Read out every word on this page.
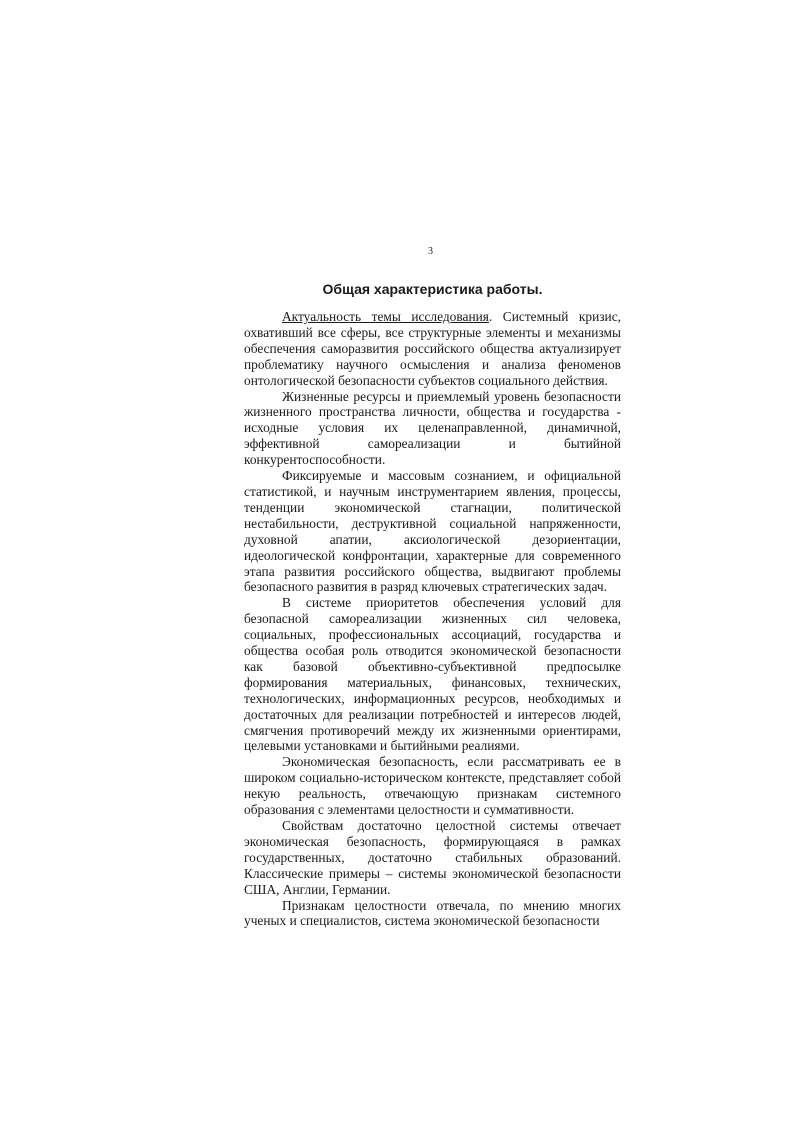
3
Общая характеристика работы.

Актуальность темы исследования. Системный кризис, охвативший все сферы, все структурные элементы и механизмы обеспечения саморазвития российского общества актуализирует проблематику научного осмысления и анализа феноменов онтологической безопасности субъектов социального действия.

Жизненные ресурсы и приемлемый уровень безопасности жизненного пространства личности, общества и государства - исходные условия их целенаправленной, динамичной, эффективной самореализации и бытийной конкурентоспособности.

Фиксируемые и массовым сознанием, и официальной статистикой, и научным инструментарием явления, процессы, тенденции экономической стагнации, политической нестабильности, деструктивной социальной напряженности, духовной апатии, аксиологической дезориентации, идеологической конфронтации, характерные для современного этапа развития российского общества, выдвигают проблемы безопасного развития в разряд ключевых стратегических задач.

В системе приоритетов обеспечения условий для безопасной самореализации жизненных сил человека, социальных, профессиональных ассоциаций, государства и общества особая роль отводится экономической безопасности как базовой объективно-субъективной предпосылке формирования материальных, финансовых, технических, технологических, информационных ресурсов, необходимых и достаточных для реализации потребностей и интересов людей, смягчения противоречий между их жизненными ориентирами, целевыми установками и бытийными реалиями.

Экономическая безопасность, если рассматривать ее в широком социально-историческом контексте, представляет собой некую реальность, отвечающую признакам системного образования с элементами целостности и суммативности.

Свойствам достаточно целостной системы отвечает экономическая безопасность, формирующаяся в рамках государственных, достаточно стабильных образований. Классические примеры – системы экономической безопасности США, Англии, Германии.

Признакам целостности отвечала, по мнению многих ученых и специалистов, система экономической безопасности
